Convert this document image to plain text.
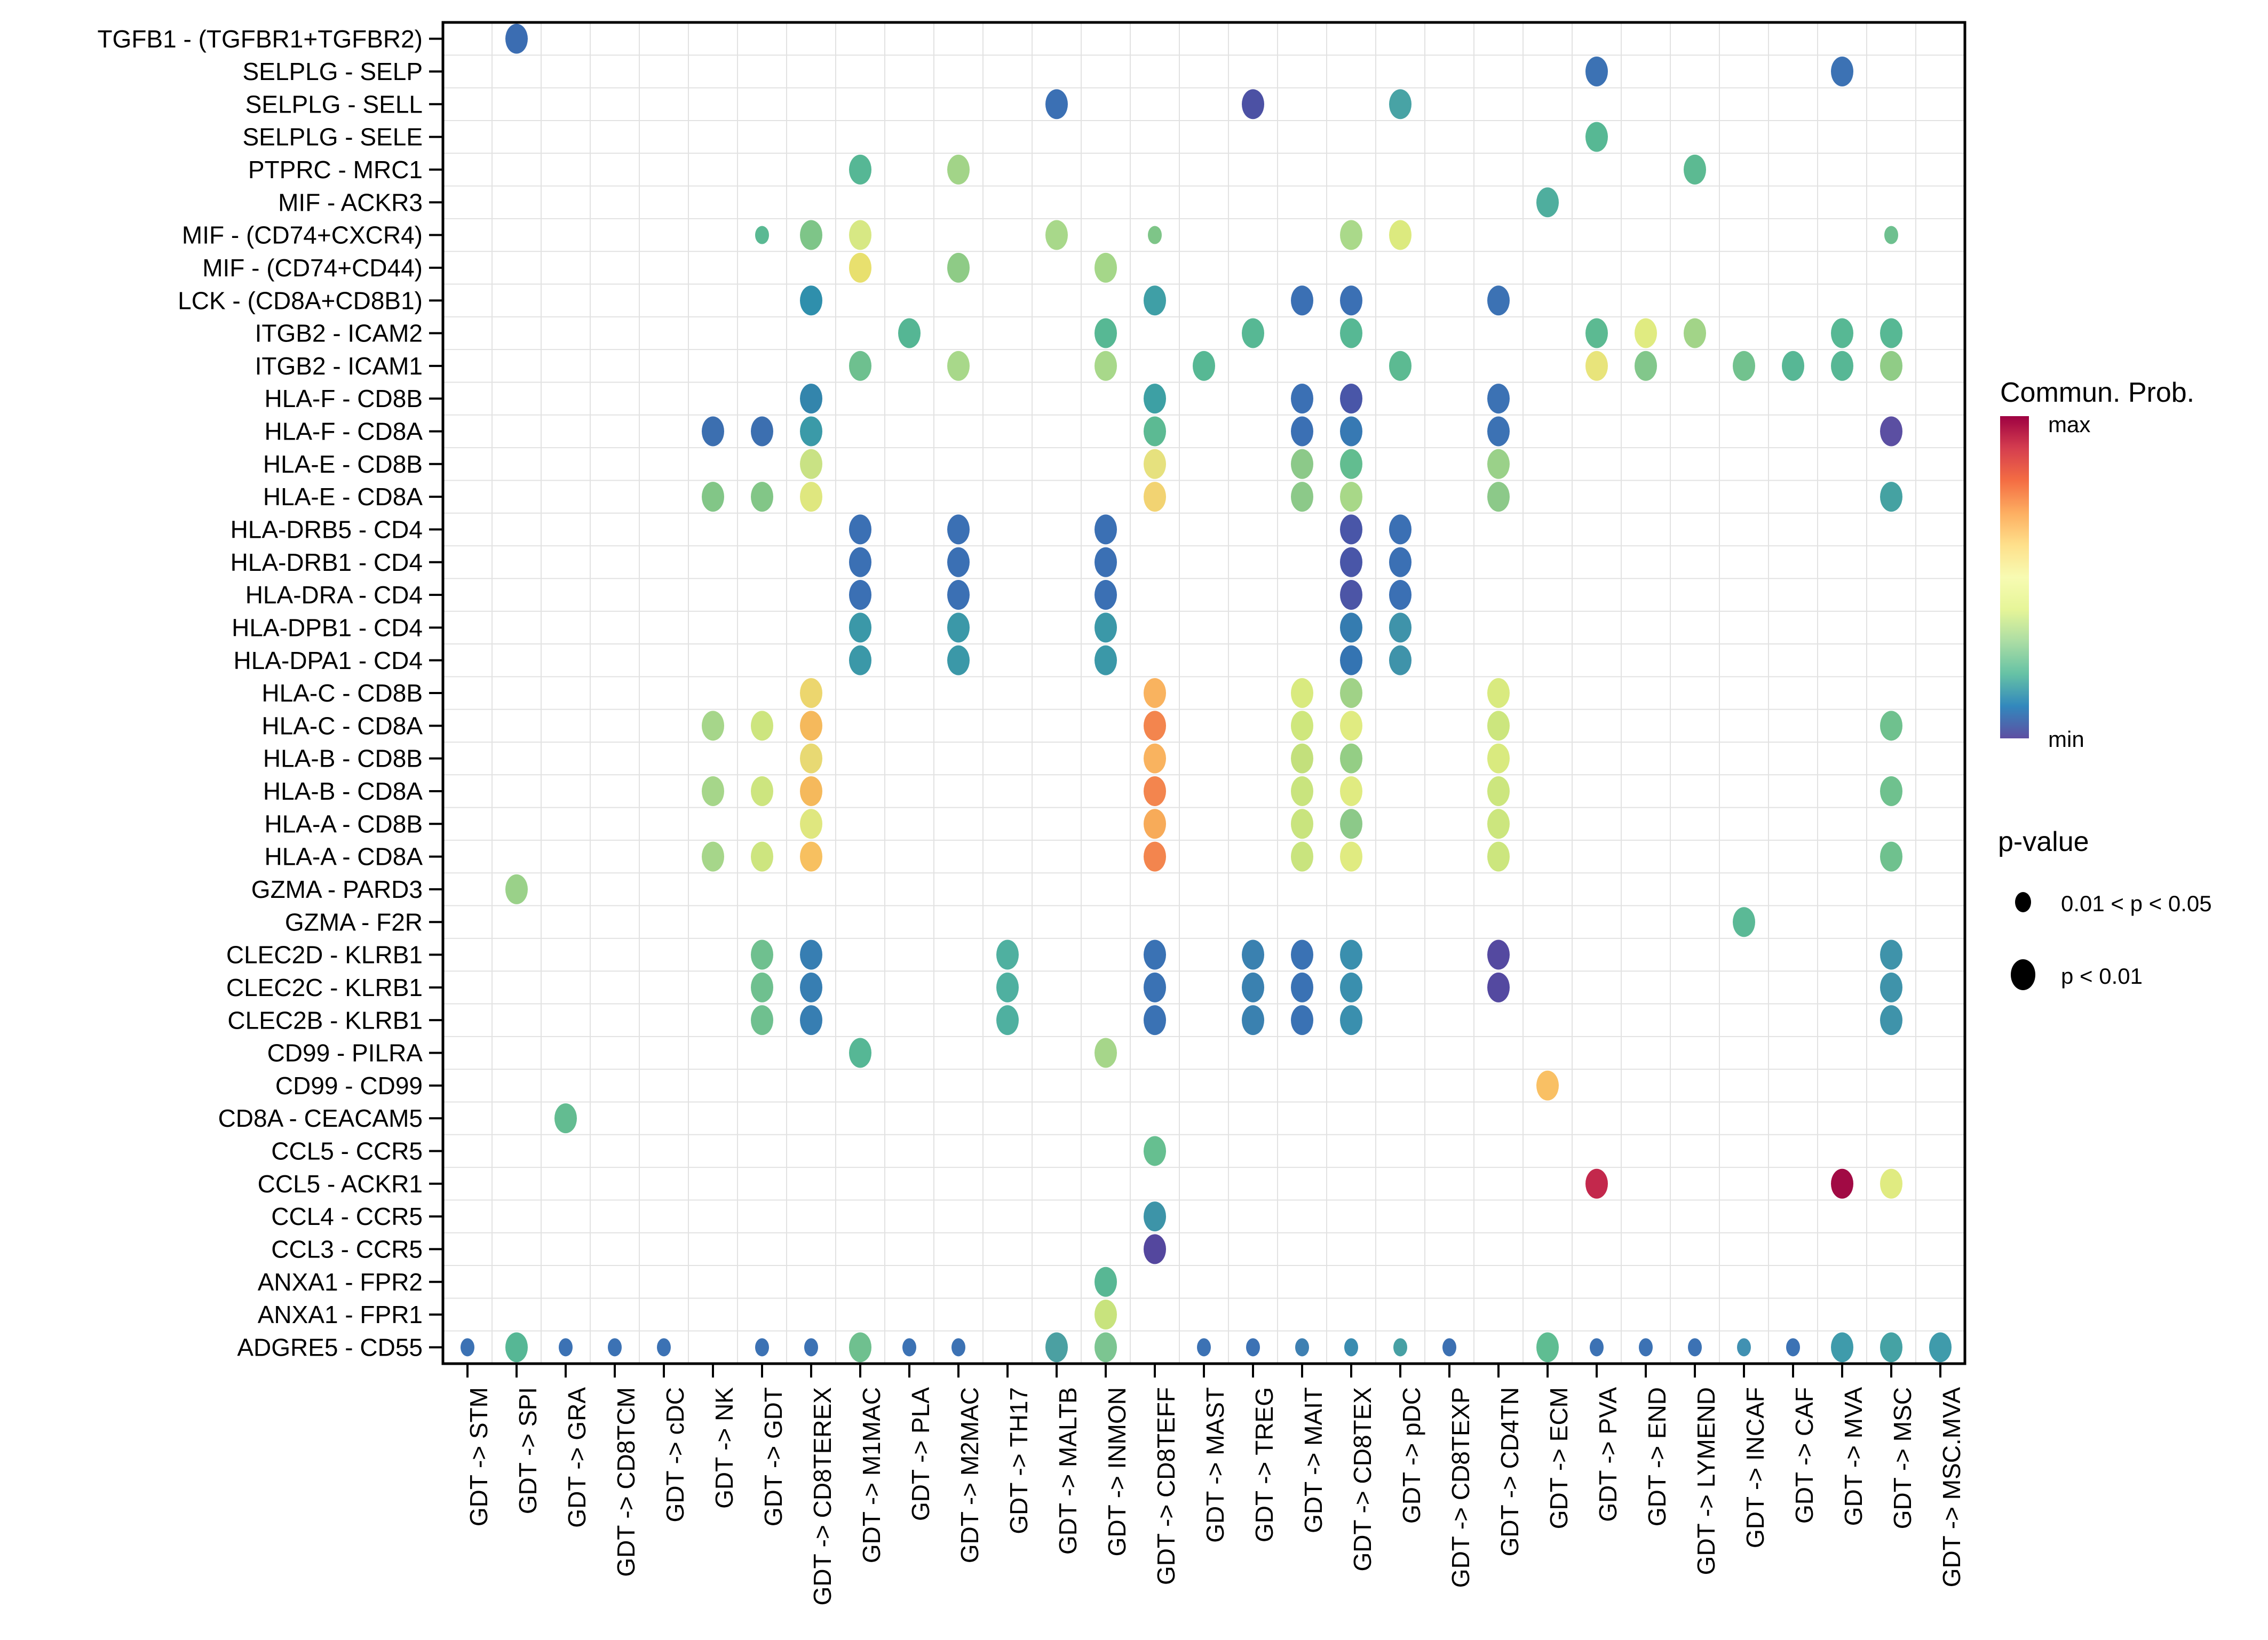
GDT -> STM GDT -> SPI GDT -> GRA GDT -> CD8TCM GDT -> cDC GDT -> NK GDT -> GDT GDT -> CD8TEREX GDT -> M1MAC GDT -> PLA GDT -> M2MAC GDT -> TH17 GDT -> MALTB GDT -> INMON GDT -> CD8TEFF GDT -> MAST GDT -> TREG GDT -> MAIT GDT -> CD8TEX GDT -> pDC GDT -> CD8TEXP GDT -> CD4TN GDT -> ECM GDT -> PVA GDT -> END GDT -> LYMEND GDT -> INCAF GDT -> CAF GDT -> MVA GDT -> MSC GDT -> MSC.MVA
TGFB1 - (TGFBR1+TGFBR2)
SELPLG - SELP
SELPLG - SELL
SELPLG - SELE
PTPRC - MRC1
MIF - ACKR3
MIF - (CD74+CXCR4)
MIF - (CD74+CD44)
LCK - (CD8A+CD8B1)
ITGB2 - ICAM2
ITGB2 - ICAM1
HLA-F - CD8B
HLA-F - CD8A
HLA-E - CD8B
HLA-E - CD8A
HLA-DRB5 - CD4
HLA-DRB1 - CD4
HLA-DRA - CD4
HLA-DPB1 - CD4
HLA-DPA1 - CD4
HLA-C - CD8B
HLA-C - CD8A
HLA-B - CD8B
HLA-B - CD8A
HLA-A - CD8B
HLA-A - CD8A
GZMA - PARD3
GZMA - F2R
CLEC2D - KLRB1
CLEC2C - KLRB1
CLEC2B - KLRB1
CD99 - PILRA
CD99 - CD99
CD8A - CEACAM5
CCL5 - CCR5
CCL5 - ACKR1
CCL4 - CCR5
CCL3 - CCR5
ANXA1 - FPR2
ANXA1 - FPR1
ADGRE5 - CD55
Commun. Prob.
max
min
p-value
0.01 < p < 0.05
p < 0.01
